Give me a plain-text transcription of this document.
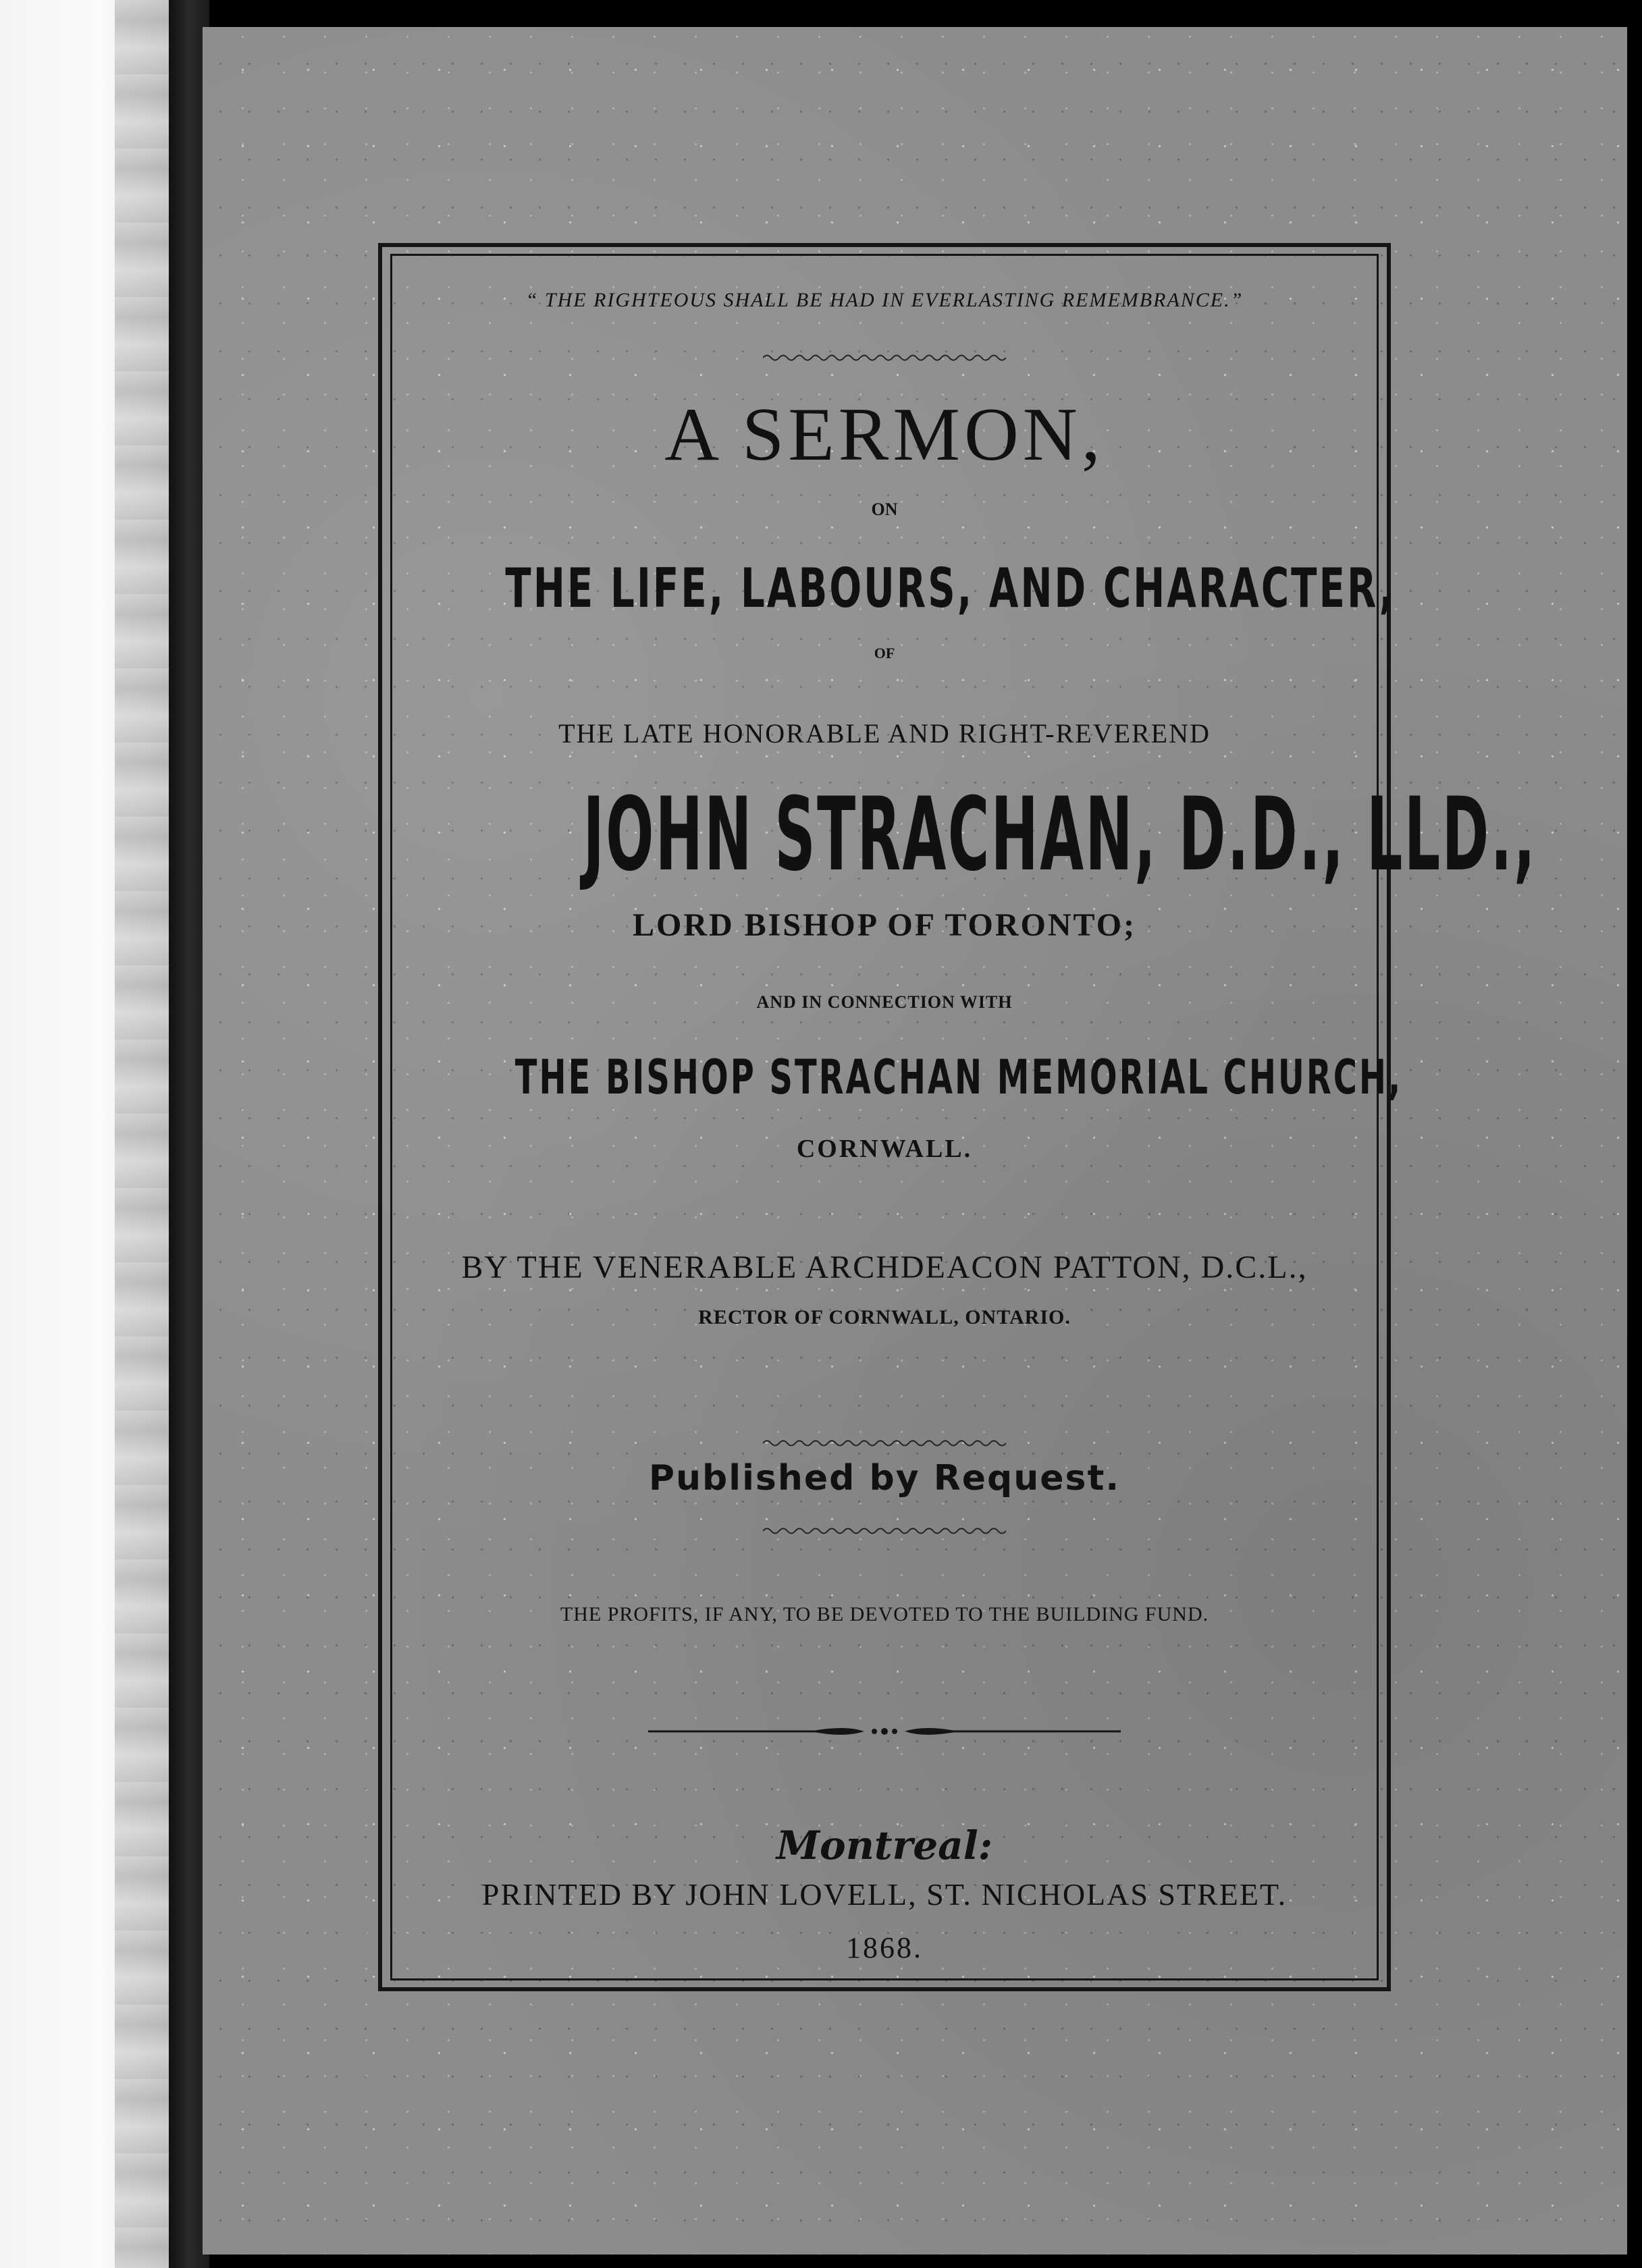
“ THE RIGHTEOUS SHALL BE HAD IN EVERLASTING REMEMBRANCE.”
A SERMON,
ON
THE LIFE, LABOURS, AND CHARACTER,
OF
THE LATE HONORABLE AND RIGHT-REVEREND
JOHN STRACHAN, D.D., LLD.,
LORD BISHOP OF TORONTO;
AND IN CONNECTION WITH
THE BISHOP STRACHAN MEMORIAL CHURCH,
CORNWALL.
BY THE VENERABLE ARCHDEACON PATTON, D.C.L.,
RECTOR OF CORNWALL, ONTARIO.
Published by Request.
THE PROFITS, IF ANY, TO BE DEVOTED TO THE BUILDING FUND.
Montreal:
PRINTED BY JOHN LOVELL, ST. NICHOLAS STREET.
1868.
